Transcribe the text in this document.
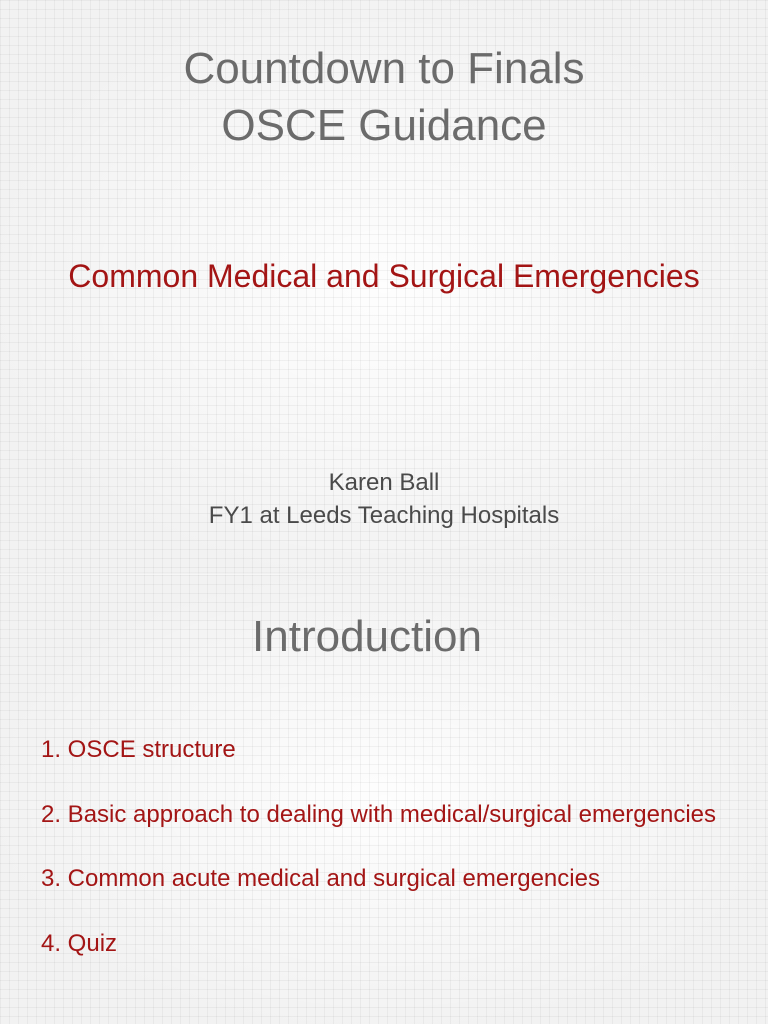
Countdown to Finals
OSCE Guidance
Common Medical and Surgical Emergencies
Karen Ball
FY1 at Leeds Teaching Hospitals
Introduction
1. OSCE structure
2. Basic approach to dealing with medical/surgical emergencies
3. Common acute medical and surgical emergencies
4. Quiz
